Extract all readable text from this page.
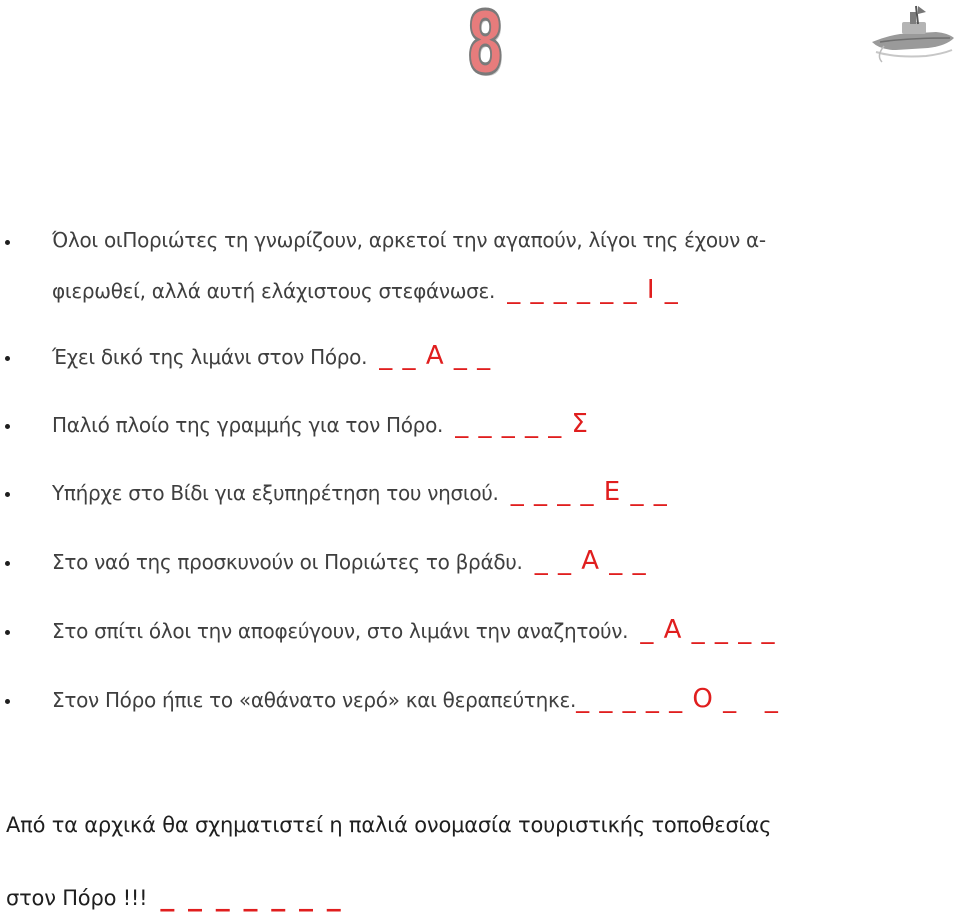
8
Όλοι οιΠοριώτες τη γνωρίζουν, αρκετοί την αγαπούν, λίγοι της έχουν α-
φιερωθεί, αλλά αυτή ελάχιστους στεφάνωσε. _ _ _ _ _ _ Ι _
Έχει δικό της λιμάνι στον Πόρο. _ _ Α _ _
Παλιό πλοίο της γραμμής για τον Πόρο. _ _ _ _ _ Σ
Υπήρχε στο Βίδι για εξυπηρέτηση του νησιού. _ _ _ _ Ε _ _
Στο ναό της προσκυνούν οι Ποριώτες το βράδυ. _ _ Α _ _
Στο σπίτι όλοι την αποφεύγουν, στο λιμάνι την αναζητούν. _ Α _ _ _ _
Στον Πόρο ήπιε το «αθάνατο νερό» και θεραπεύτηκε._ _ _ _ _ Ο _   _
Από τα αρχικά θα σχηματιστεί η παλιά ονομασία τουριστικής τοποθεσίας
στον Πόρο !!! _ _ _ _ _ _ _
